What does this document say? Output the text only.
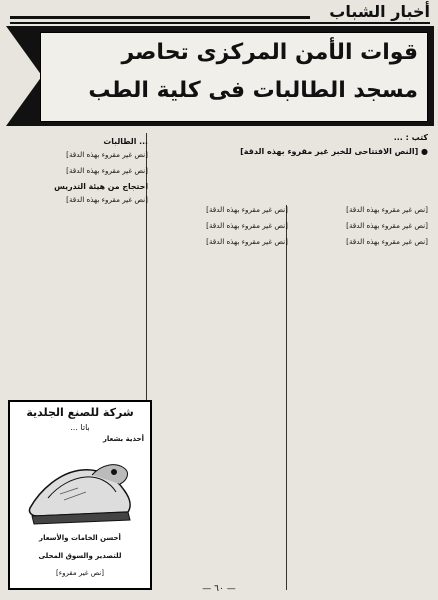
أخبار الشباب
قوات الأمن المركزى تحاصر
مسجد الطالبات فى كلية الطب
كتب : ...
● [النص الافتتاحى للخبر غير مقروء بهذه الدقة]

[نص غير مقروء بهذه الدقة]

[نص غير مقروء بهذه الدقة]

[نص غير مقروء بهذه الدقة]

[نص غير مقروء بهذه الدقة]

[نص غير مقروء بهذه الدقة]

[نص غير مقروء بهذه الدقة]

... الطالبات

[نص غير مقروء بهذه الدقة]

[نص غير مقروء بهذه الدقة]

احتجاج من هيئة التدريس

[نص غير مقروء بهذه الدقة]

شركة للصنع الجلدية
باتا ...
أحذية بشعار
أحسن الخامات والأسعار
للتصدير والسوق المحلى
[نص غير مقروء]
— ٦٠ —
